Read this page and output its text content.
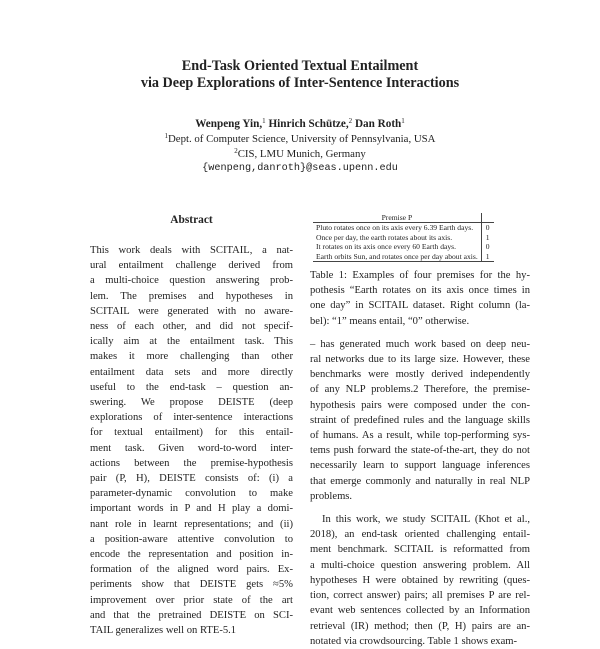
End-Task Oriented Textual Entailment

via Deep Explorations of Inter-Sentence Interactions

Wenpeng Yin,$^1$ Hinrich Schütze,$^2$ Dan Roth$^1$
$^1$Dept. of Computer Science, University of Pennsylvania, USA
$^2$CIS, LMU Munich, Germany
{wenpeng,danroth}@seas.upenn.edu

Abstract

This work deals with SCITAIL, a nat-
ural entailment challenge derived from
a multi-choice question answering prob-
lem. The premises and hypotheses in
SCITAIL were generated with no aware-
ness of each other, and did not specif-
ically aim at the entailment task. This
makes it more challenging than other
entailment data sets and more directly
useful to the end-task – question an-
swering. We propose DEISTE (deep
explorations of inter-sentence interactions
for textual entailment) for this entail-
ment task. Given word-to-word inter-
actions between the premise-hypothesis
pair (P, H), DEISTE consists of: (i) a
parameter-dynamic convolution to make
important words in P and H play a domi-
nant role in learnt representations; and (ii)
a position-aware attentive convolution to
encode the representation and position in-
formation of the aligned word pairs. Ex-
periments show that DEISTE gets ≈5%
improvement over prior state of the art
and that the pretrained DEISTE on SCI-
TAIL generalizes well on RTE-5.1
Premise P	
Pluto rotates once on its axis every 6.39 Earth days.	0
Once per day, the earth rotates about its axis.	1
It rotates on its axis once every 60 Earth days.	0
Earth orbits Sun, and rotates once per day about axis.	1
Table 1: Examples of four premises for the hy-
pothesis “Earth rotates on its axis once times in
one day” in SCITAIL dataset. Right column (la-
bel): “1” means entail, “0” otherwise.
– has generated much work based on deep neu-
ral networks due to its large size. However, these
benchmarks were mostly derived independently
of any NLP problems.2 Therefore, the premise-
hypothesis pairs were composed under the con-
straint of predefined rules and the language skills
of humans. As a result, while top-performing sys-
tems push forward the state-of-the-art, they do not
necessarily learn to support language inferences
that emerge commonly and naturally in real NLP
problems.
In this work, we study SCITAIL (Khot et al.,
2018), an end-task oriented challenging entail-
ment benchmark. SCITAIL is reformatted from
a multi-choice question answering problem. All
hypotheses H were obtained by rewriting (ques-
tion, correct answer) pairs; all premises P are rel-
evant web sentences collected by an Information
retrieval (IR) method; then (P, H) pairs are an-
notated via crowdsourcing. Table 1 shows exam-
